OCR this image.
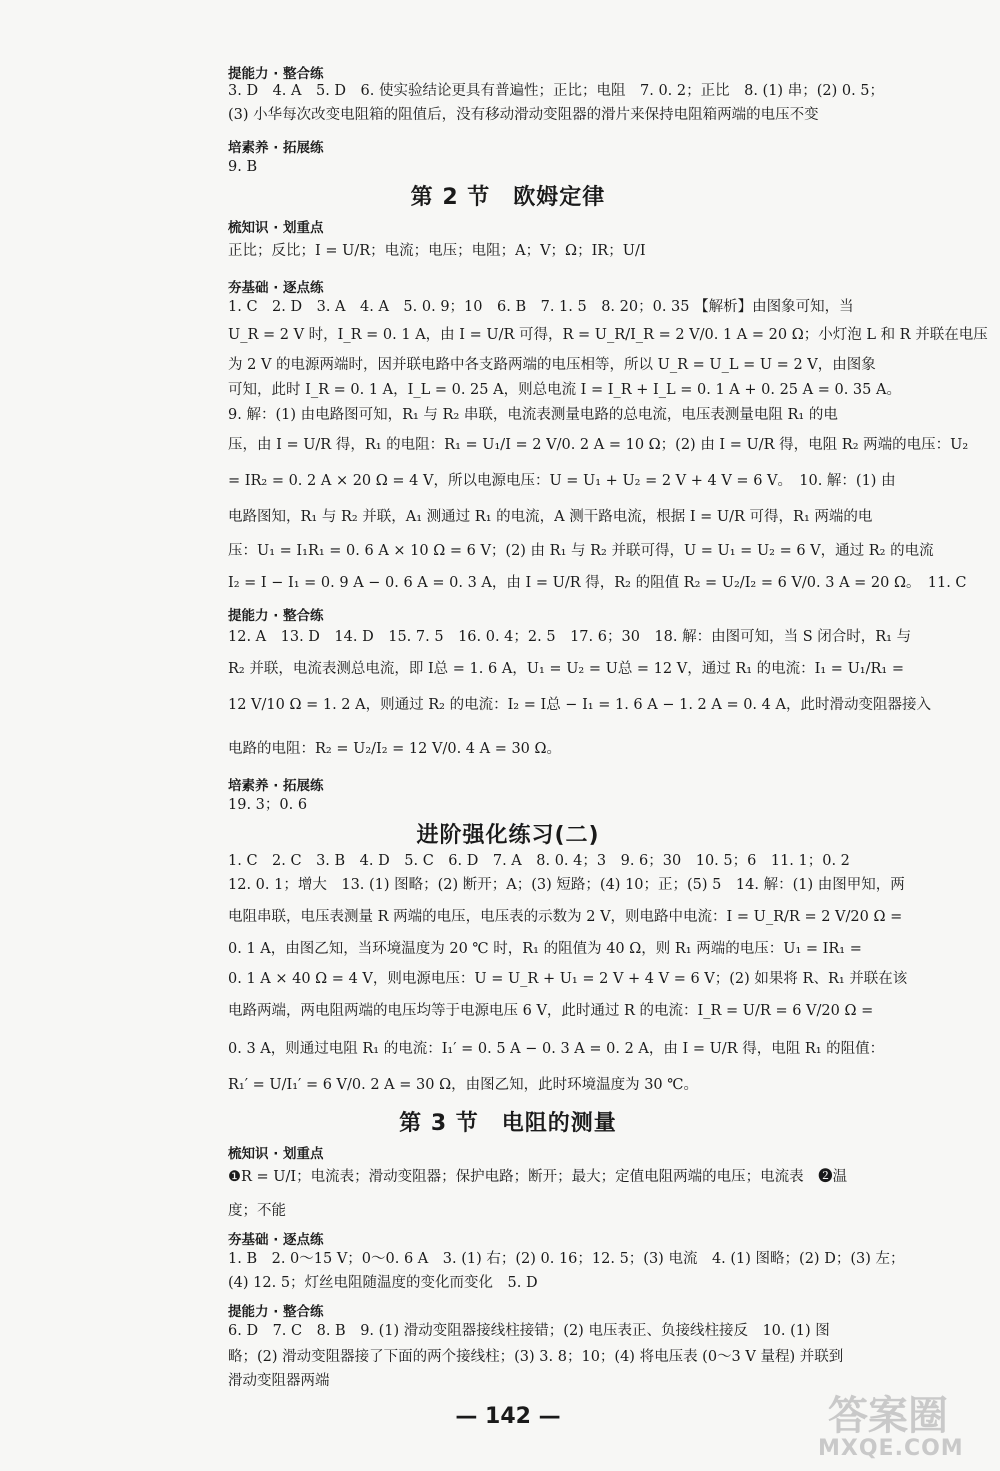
提能力 · 整合练
3. D　4. A　5. D　6. 使实验结论更具有普遍性；正比；电阻　7. 0. 2；正比　8. (1) 串；(2) 0. 5；
(3) 小华每次改变电阻箱的阻值后，没有移动滑动变阻器的滑片来保持电阻箱两端的电压不变
培素养 · 拓展练
9. B
第 2 节　欧姆定律
梳知识 · 划重点
正比；反比；I = U/R；电流；电压；电阻；A；V；Ω；IR；U/I
夯基础 · 逐点练
1. C　2. D　3. A　4. A　5. 0. 9；10　6. B　7. 1. 5　8. 20；0. 35 【解析】由图象可知，当
U_R = 2 V 时，I_R = 0. 1 A，由 I = U/R 可得，R = U_R/I_R = 2 V/0. 1 A = 20 Ω；小灯泡 L 和 R 并联在电压
为 2 V 的电源两端时，因并联电路中各支路两端的电压相等，所以 U_R = U_L = U = 2 V，由图象
可知，此时 I_R = 0. 1 A，I_L = 0. 25 A，则总电流 I = I_R + I_L = 0. 1 A + 0. 25 A = 0. 35 A。
9. 解：(1) 由电路图可知，R₁ 与 R₂ 串联，电流表测量电路的总电流，电压表测量电阻 R₁ 的电
压，由 I = U/R 得，R₁ 的电阻：R₁ = U₁/I = 2 V/0. 2 A = 10 Ω；(2) 由 I = U/R 得，电阻 R₂ 两端的电压：U₂
= IR₂ = 0. 2 A × 20 Ω = 4 V，所以电源电压：U = U₁ + U₂ = 2 V + 4 V = 6 V。　10. 解：(1) 由
电路图知，R₁ 与 R₂ 并联，A₁ 测通过 R₁ 的电流，A 测干路电流，根据 I = U/R 可得，R₁ 两端的电
压：U₁ = I₁R₁ = 0. 6 A × 10 Ω = 6 V；(2) 由 R₁ 与 R₂ 并联可得，U = U₁ = U₂ = 6 V，通过 R₂ 的电流
I₂ = I − I₁ = 0. 9 A − 0. 6 A = 0. 3 A，由 I = U/R 得，R₂ 的阻值 R₂ = U₂/I₂ = 6 V/0. 3 A = 20 Ω。　11. C
提能力 · 整合练
12. A　13. D　14. D　15. 7. 5　16. 0. 4；2. 5　17. 6；30　18. 解：由图可知，当 S 闭合时，R₁ 与
R₂ 并联，电流表测总电流，即 I总 = 1. 6 A，U₁ = U₂ = U总 = 12 V，通过 R₁ 的电流：I₁ = U₁/R₁ =
12 V/10 Ω = 1. 2 A，则通过 R₂ 的电流：I₂ = I总 − I₁ = 1. 6 A − 1. 2 A = 0. 4 A，此时滑动变阻器接入
电路的电阻：R₂ = U₂/I₂ = 12 V/0. 4 A = 30 Ω。
培素养 · 拓展练
19. 3；0. 6
进阶强化练习(二)
1. C　2. C　3. B　4. D　5. C　6. D　7. A　8. 0. 4；3　9. 6；30　10. 5；6　11. 1；0. 2
12. 0. 1；增大　13. (1) 图略；(2) 断开；A；(3) 短路；(4) 10；正；(5) 5　14. 解：(1) 由图甲知，两
电阻串联，电压表测量 R 两端的电压，电压表的示数为 2 V，则电路中电流：I = U_R/R = 2 V/20 Ω =
0. 1 A，由图乙知，当环境温度为 20 ℃ 时，R₁ 的阻值为 40 Ω，则 R₁ 两端的电压：U₁ = IR₁ =
0. 1 A × 40 Ω = 4 V，则电源电压：U = U_R + U₁ = 2 V + 4 V = 6 V；(2) 如果将 R、R₁ 并联在该
电路两端，两电阻两端的电压均等于电源电压 6 V，此时通过 R 的电流：I_R = U/R = 6 V/20 Ω =
0. 3 A，则通过电阻 R₁ 的电流：I₁′ = 0. 5 A − 0. 3 A = 0. 2 A，由 I = U/R 得，电阻 R₁ 的阻值：
R₁′ = U/I₁′ = 6 V/0. 2 A = 30 Ω，由图乙知，此时环境温度为 30 ℃。
第 3 节　电阻的测量
梳知识 · 划重点
❶R = U/I；电流表；滑动变阻器；保护电路；断开；最大；定值电阻两端的电压；电流表　❷温
度；不能
夯基础 · 逐点练
1. B　2. 0～15 V；0～0. 6 A　3. (1) 右；(2) 0. 16；12. 5；(3) 电流　4. (1) 图略；(2) D；(3) 左；
(4) 12. 5；灯丝电阻随温度的变化而变化　5. D
提能力 · 整合练
6. D　7. C　8. B　9. (1) 滑动变阻器接线柱接错；(2) 电压表正、负接线柱接反　10. (1) 图
略；(2) 滑动变阻器接了下面的两个接线柱；(3) 3. 8；10；(4) 将电压表 (0～3 V 量程) 并联到
滑动变阻器两端
— 142 —	答案圈
MXQE.COM
